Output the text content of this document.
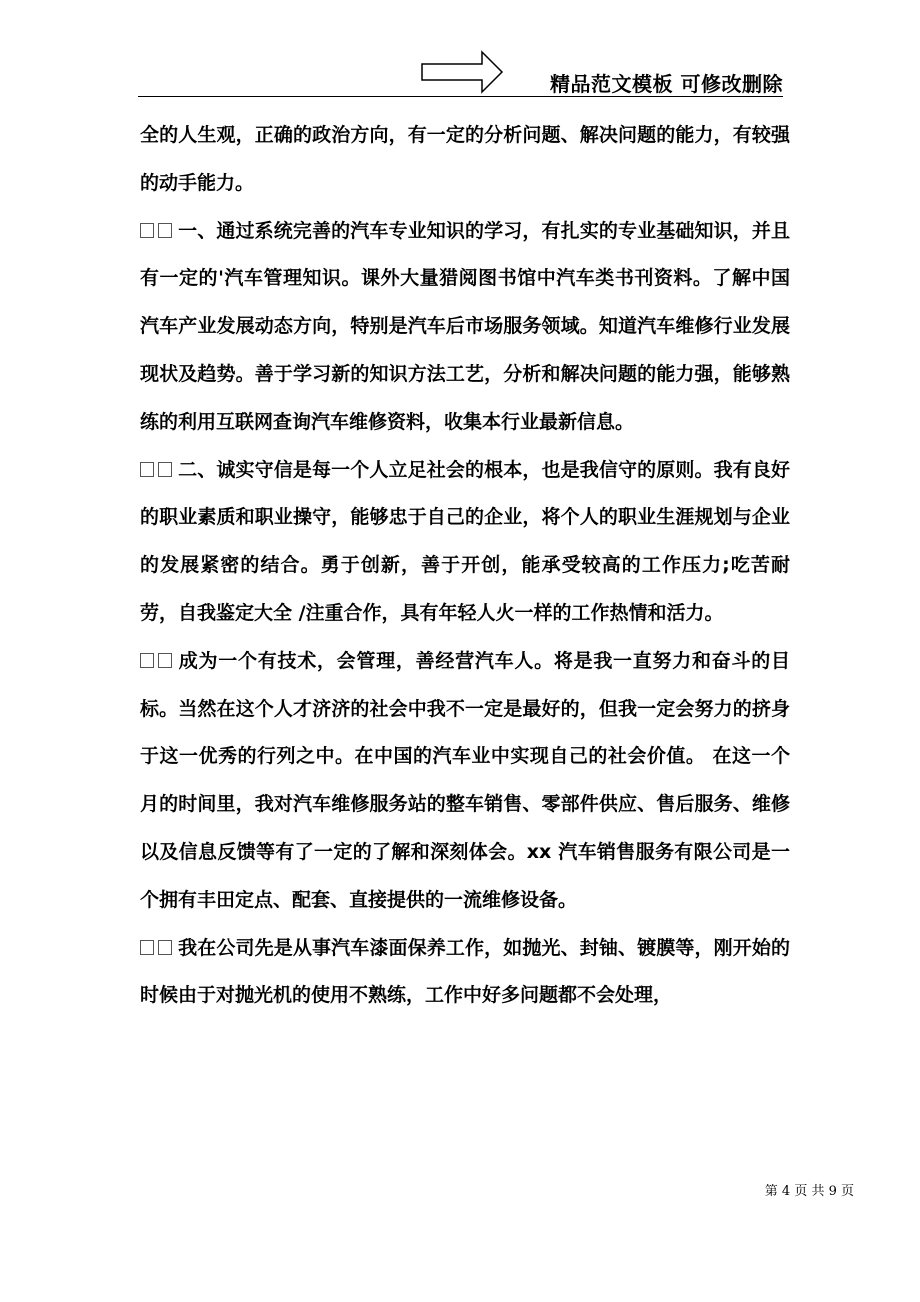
精品范文模板 可修改删除

全的人生观，正确的政治方向，有一定的分析问题、解决问题的能力，有较强的动手能力。

一、通过系统完善的汽车专业知识的学习，有扎实的专业基础知识，并且有一定的'汽车管理知识。课外大量猎阅图书馆中汽车类书刊资料。了解中国汽车产业发展动态方向，特别是汽车后市场服务领域。知道汽车维修行业发展现状及趋势。善于学习新的知识方法工艺，分析和解决问题的能力强，能够熟练的利用互联网查询汽车维修资料，收集本行业最新信息。

二、诚实守信是每一个人立足社会的根本，也是我信守的原则。我有良好的职业素质和职业操守，能够忠于自己的企业，将个人的职业生涯规划与企业的发展紧密的结合。勇于创新，善于开创，能承受较高的工作压力;吃苦耐劳，自我鉴定大全 /注重合作，具有年轻人火一样的工作热情和活力。

成为一个有技术，会管理，善经营汽车人。将是我一直努力和奋斗的目标。当然在这个人才济济的社会中我不一定是最好的，但我一定会努力的挤身于这一优秀的行列之中。在中国的汽车业中实现自己的社会价值。 在这一个月的时间里，我对汽车维修服务站的整车销售、零部件供应、售后服务、维修以及信息反馈等有了一定的了解和深刻体会。xx 汽车销售服务有限公司是一个拥有丰田定点、配套、直接提供的一流维修设备。

我在公司先是从事汽车漆面保养工作，如抛光、封铀、镀膜等，刚开始的时候由于对抛光机的使用不熟练，工作中好多问题都不会处理，

第 4 页 共 9 页
